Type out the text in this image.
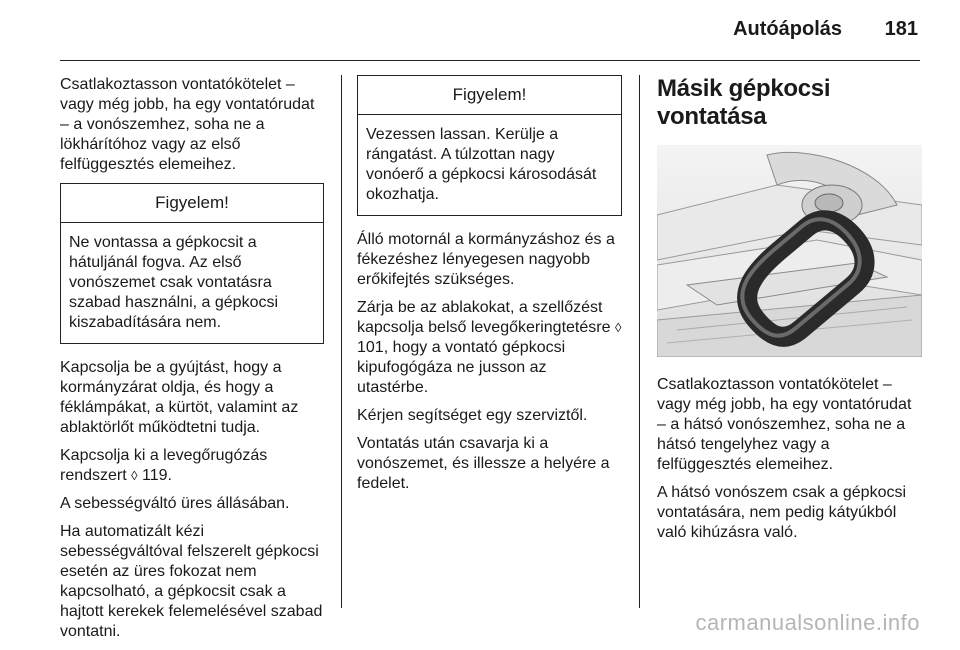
Autóápolás 181

Csatlakoztasson vontatókötelet – vagy még jobb, ha egy vontatórudat – a vonószemhez, soha ne a lökhárítóhoz vagy az első felfüggesztés elemeihez.

Figyelem!
Ne vontassa a gépkocsit a hátuljánál fogva. Az első vonószemet csak vontatásra szabad használni, a gépkocsi kiszabadítására nem.

Kapcsolja be a gyújtást, hogy a kormányzárat oldja, és hogy a féklámpákat, a kürtöt, valamint az ablaktörlőt működtetni tudja.

Kapcsolja ki a levegőrugózás rendszert ◊ 119.

A sebességváltó üres állásában.

Ha automatizált kézi sebességváltóval felszerelt gépkocsi esetén az üres fokozat nem kapcsolható, a gépkocsit csak a hajtott kerekek felemelésével szabad vontatni.

Figyelem!
Vezessen lassan. Kerülje a rángatást. A túlzottan nagy vonóerő a gépkocsi károsodását okozhatja.

Álló motornál a kormányzáshoz és a fékezéshez lényegesen nagyobb erőkifejtés szükséges.

Zárja be az ablakokat, a szellőzést kapcsolja belső levegőkeringtetésre ◊ 101, hogy a vontató gépkocsi kipufogógáza ne jusson az utastérbe.

Kérjen segítséget egy szerviztől.

Vontatás után csavarja ki a vonószemet, és illessze a helyére a fedelet.

Másik gépkocsi vontatása

Csatlakoztasson vontatókötelet – vagy még jobb, ha egy vontatórudat – a hátsó vonószemhez, soha ne a hátsó tengelyhez vagy a felfüggesztés elemeihez.

A hátsó vonószem csak a gépkocsi vontatására, nem pedig kátyúkból való kihúzásra való.

carmanualsonline.info
